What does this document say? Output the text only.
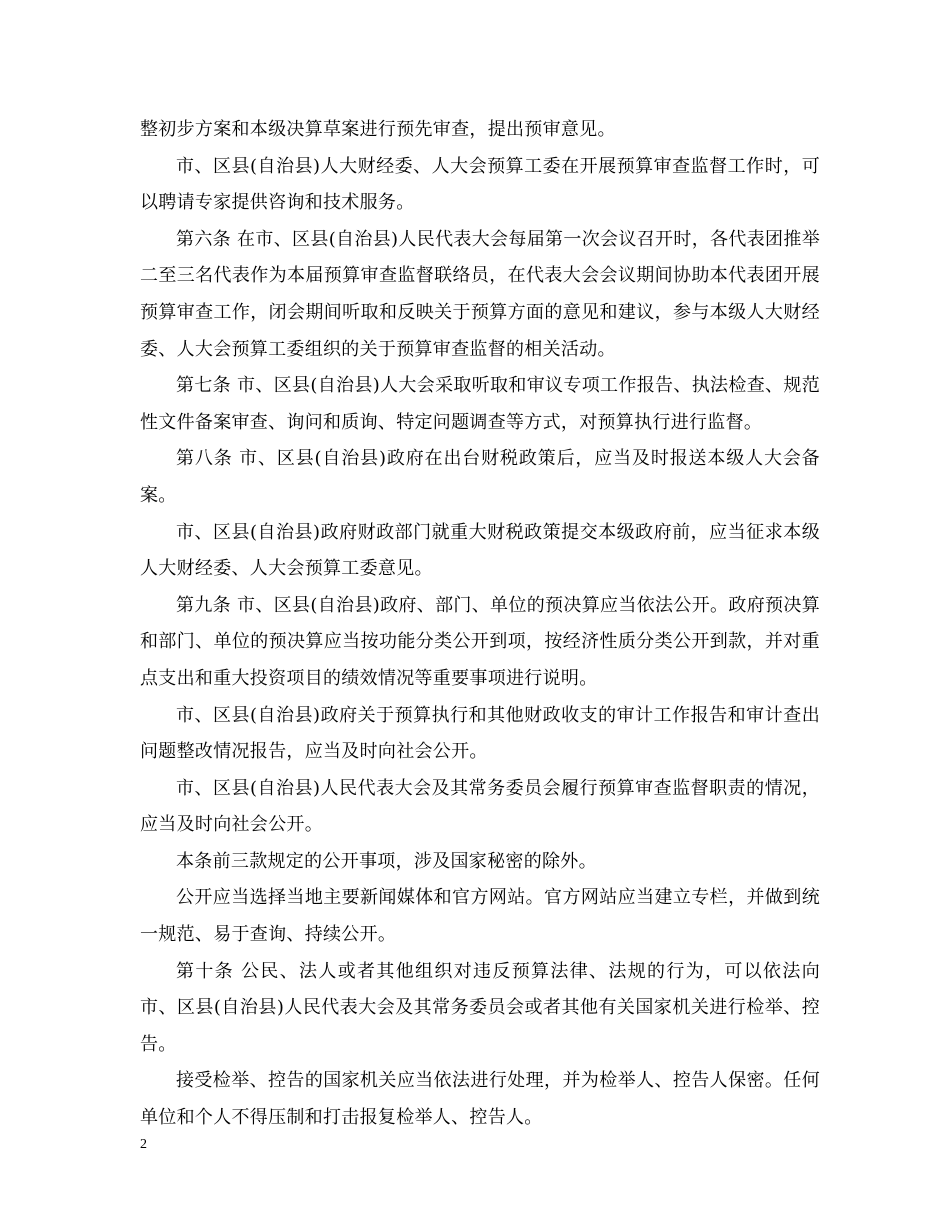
整初步方案和本级决算草案进行预先审查，提出预审意见。

市、区县(自治县)人大财经委、人大会预算工委在开展预算审查监督工作时，可以聘请专家提供咨询和技术服务。

第六条 在市、区县(自治县)人民代表大会每届第一次会议召开时，各代表团推举二至三名代表作为本届预算审查监督联络员，在代表大会会议期间协助本代表团开展预算审查工作，闭会期间听取和反映关于预算方面的意见和建议，参与本级人大财经委、人大会预算工委组织的关于预算审查监督的相关活动。

第七条 市、区县(自治县)人大会采取听取和审议专项工作报告、执法检查、规范性文件备案审查、询问和质询、特定问题调查等方式，对预算执行进行监督。

第八条 市、区县(自治县)政府在出台财税政策后，应当及时报送本级人大会备案。

市、区县(自治县)政府财政部门就重大财税政策提交本级政府前，应当征求本级人大财经委、人大会预算工委意见。

第九条 市、区县(自治县)政府、部门、单位的预决算应当依法公开。政府预决算和部门、单位的预决算应当按功能分类公开到项，按经济性质分类公开到款，并对重点支出和重大投资项目的绩效情况等重要事项进行说明。

市、区县(自治县)政府关于预算执行和其他财政收支的审计工作报告和审计查出问题整改情况报告，应当及时向社会公开。

市、区县(自治县)人民代表大会及其常务委员会履行预算审查监督职责的情况，应当及时向社会公开。

本条前三款规定的公开事项，涉及国家秘密的除外。

公开应当选择当地主要新闻媒体和官方网站。官方网站应当建立专栏，并做到统一规范、易于查询、持续公开。

第十条 公民、法人或者其他组织对违反预算法律、法规的行为，可以依法向市、区县(自治县)人民代表大会及其常务委员会或者其他有关国家机关进行检举、控告。

接受检举、控告的国家机关应当依法进行处理，并为检举人、控告人保密。任何单位和个人不得压制和打击报复检举人、控告人。

2
